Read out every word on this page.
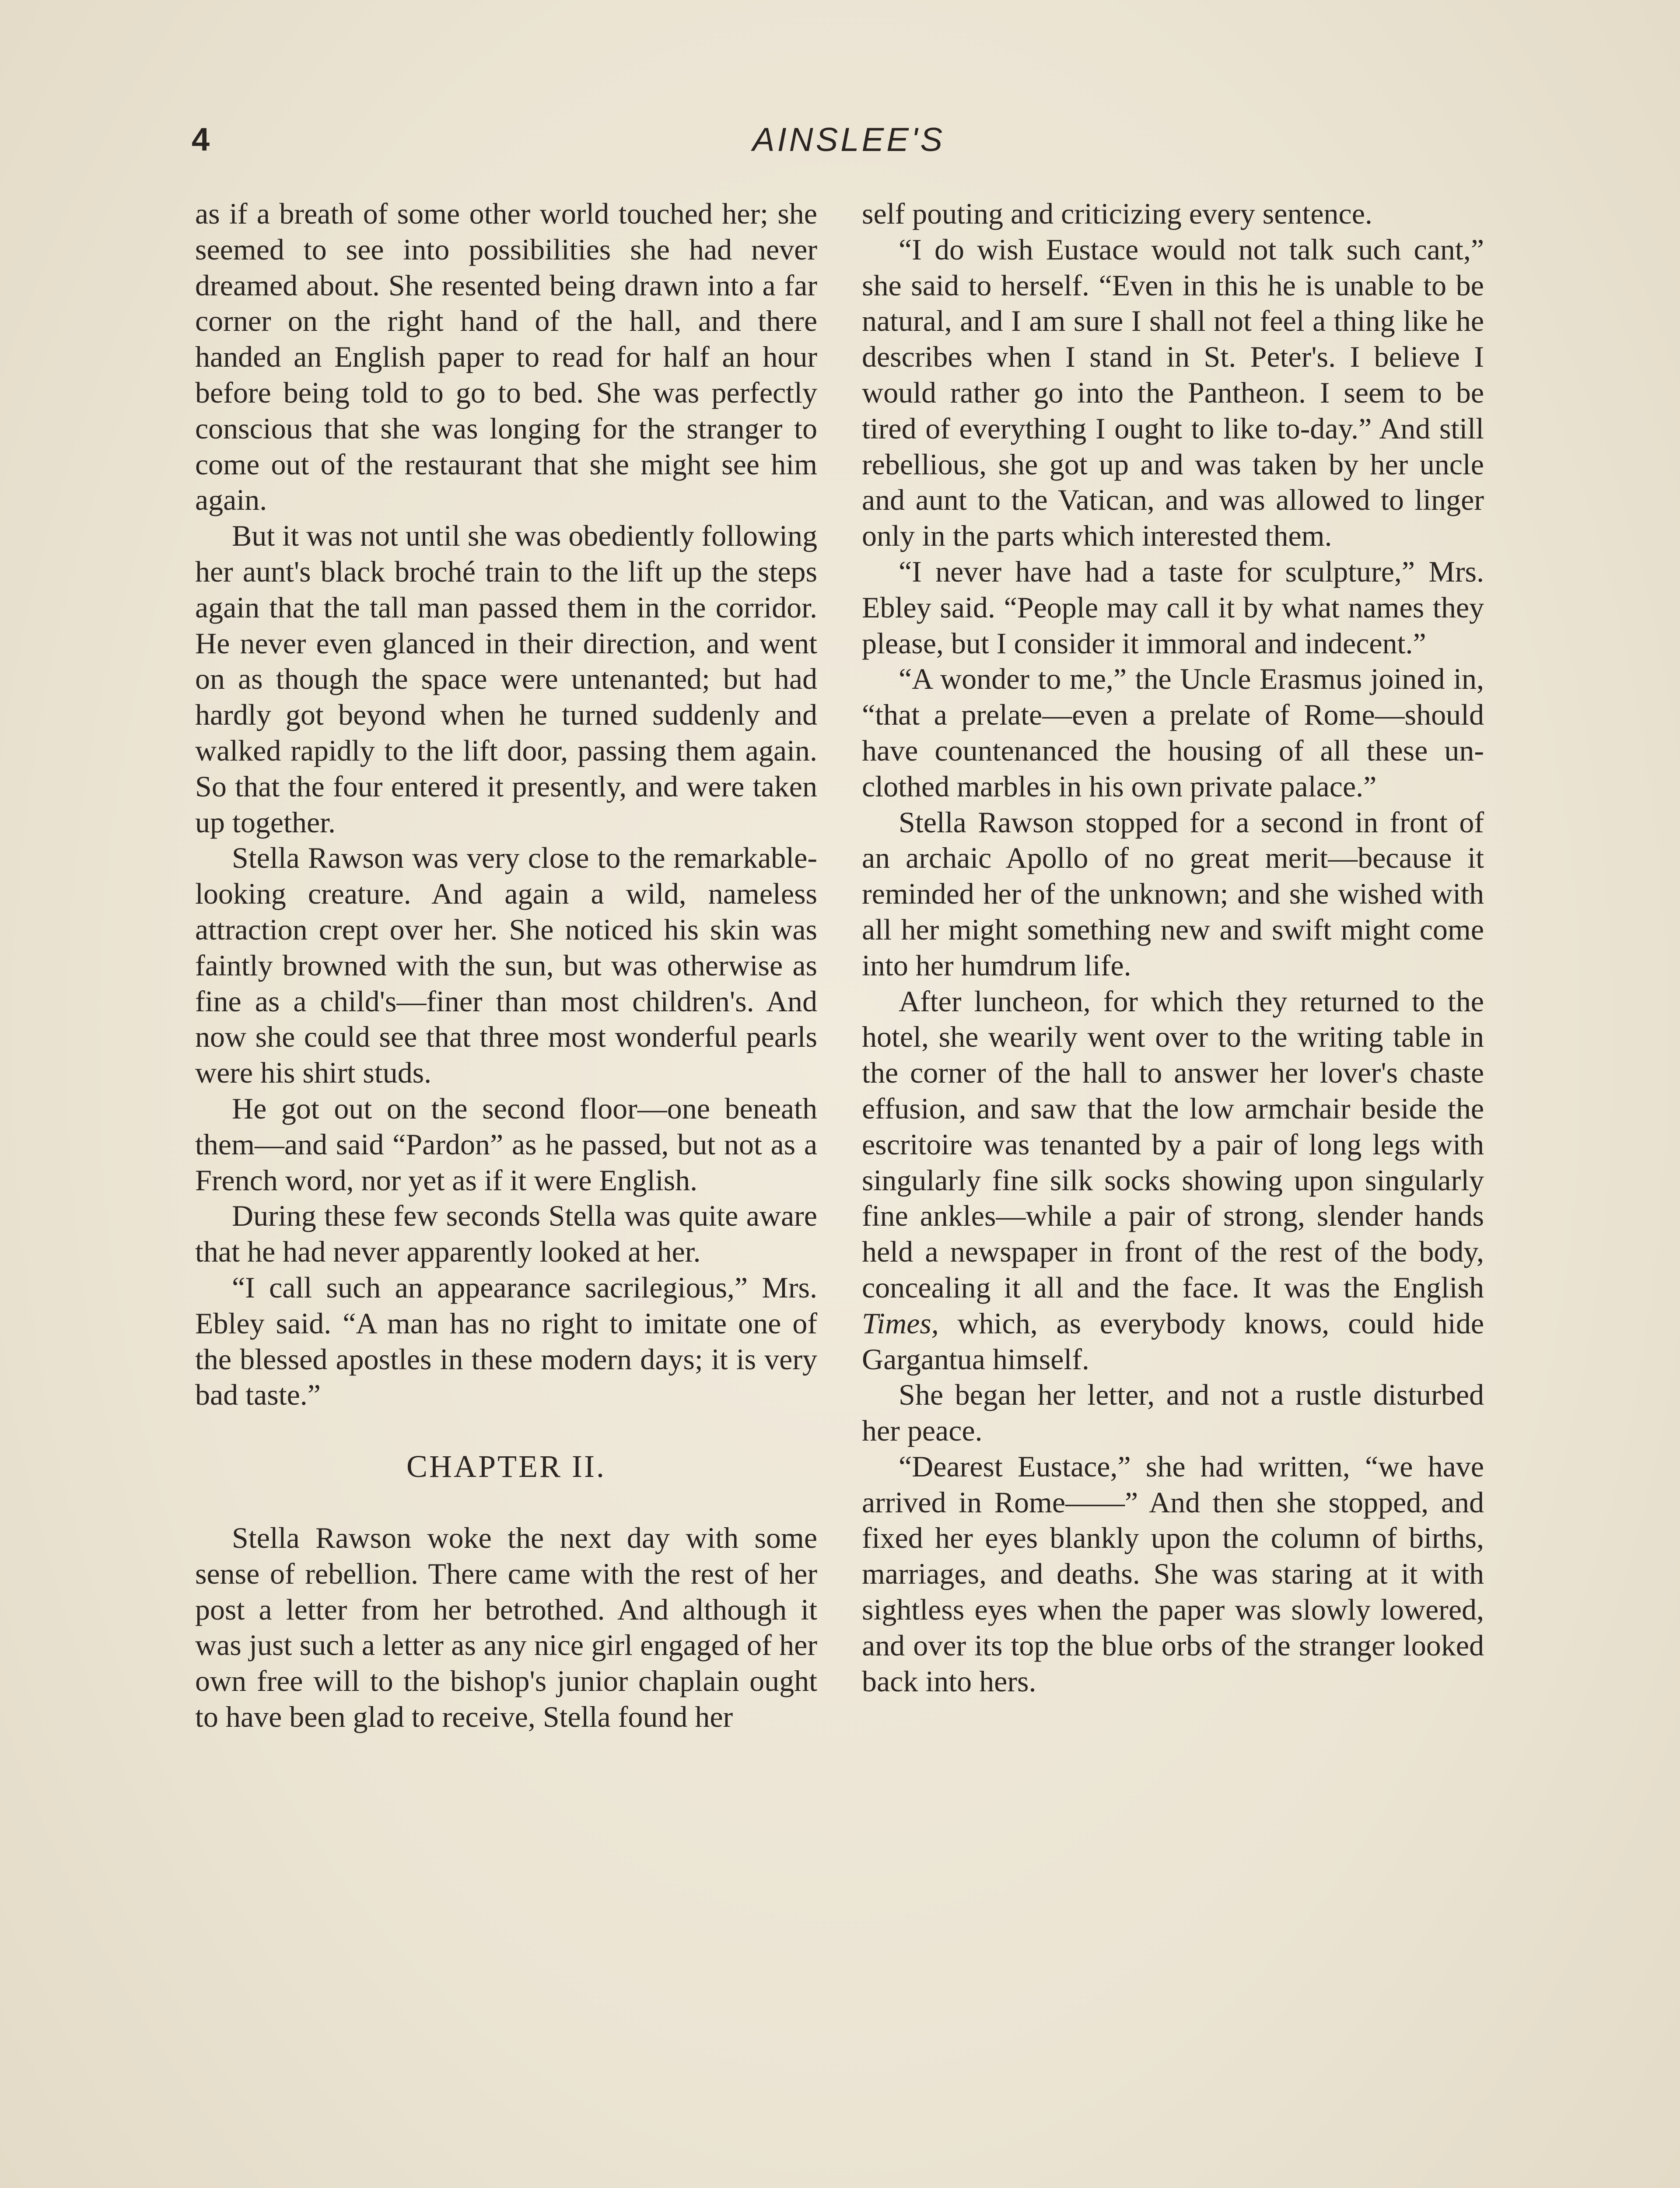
4	AINSLEE'S

as if a breath of some other world touched her; she seemed to see into possibilities she had never dreamed about. She resented being drawn into a far corner on the right hand of the hall, and there handed an English paper to read for half an hour before being told to go to bed. She was perfectly conscious that she was longing for the stranger to come out of the restaurant that she might see him again.

But it was not until she was obediently following her aunt's black broché train to the lift up the steps again that the tall man passed them in the corridor. He never even glanced in their direction, and went on as though the space were untenanted; but had hardly got beyond when he turned suddenly and walked rapidly to the lift door, passing them again. So that the four entered it presently, and were taken up together.

Stella Rawson was very close to the remarkable-looking creature. And again a wild, nameless attraction crept over her. She noticed his skin was faintly browned with the sun, but was otherwise as fine as a child's—finer than most children's. And now she could see that three most wonderful pearls were his shirt studs.

He got out on the second floor—one beneath them—and said “Pardon” as he passed, but not as a French word, nor yet as if it were English.

During these few seconds Stella was quite aware that he had never apparently looked at her.

“I call such an appearance sacrilegious,” Mrs. Ebley said. “A man has no right to imitate one of the blessed apostles in these modern days; it is very bad taste.”

CHAPTER II.

Stella Rawson woke the next day with some sense of rebellion. There came with the rest of her post a letter from her betrothed. And although it was just such a letter as any nice girl engaged of her own free will to the bishop's junior chaplain ought to have been glad to receive, Stella found her

self pouting and criticizing every sentence.

“I do wish Eustace would not talk such cant,” she said to herself. “Even in this he is unable to be natural, and I am sure I shall not feel a thing like he describes when I stand in St. Peter's. I believe I would rather go into the Pantheon. I seem to be tired of everything I ought to like to-day.” And still rebellious, she got up and was taken by her uncle and aunt to the Vatican, and was allowed to linger only in the parts which interested them.

“I never have had a taste for sculpture,” Mrs. Ebley said. “People may call it by what names they please, but I consider it immoral and indecent.”

“A wonder to me,” the Uncle Erasmus joined in, “that a prelate—even a prelate of Rome—should have countenanced the housing of all these unclothed marbles in his own private palace.”

Stella Rawson stopped for a second in front of an archaic Apollo of no great merit—because it reminded her of the unknown; and she wished with all her might something new and swift might come into her humdrum life.

After luncheon, for which they returned to the hotel, she wearily went over to the writing table in the corner of the hall to answer her lover's chaste effusion, and saw that the low armchair beside the escritoire was tenanted by a pair of long legs with singularly fine silk socks showing upon singularly fine ankles—while a pair of strong, slender hands held a newspaper in front of the rest of the body, concealing it all and the face. It was the English Times, which, as everybody knows, could hide Gargantua himself.

She began her letter, and not a rustle disturbed her peace.

“Dearest Eustace,” she had written, “we have arrived in Rome——” And then she stopped, and fixed her eyes blankly upon the column of births, marriages, and deaths. She was staring at it with sightless eyes when the paper was slowly lowered, and over its top the blue orbs of the stranger looked back into hers.
